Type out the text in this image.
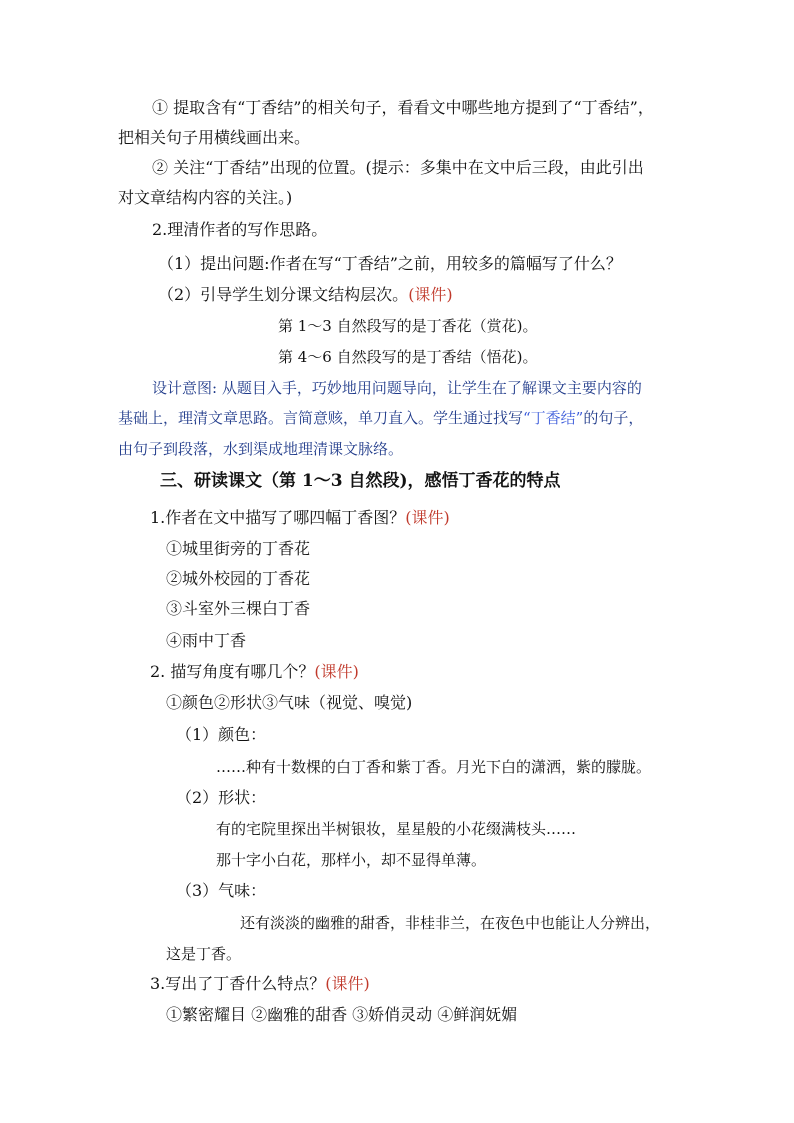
① 提取含有“丁香结”的相关句子，看看文中哪些地方提到了“丁香结”，
把相关句子用横线画出来。
② 关注“丁香结”出现的位置。(提示：多集中在文中后三段，由此引出
对文章结构内容的关注。)
2.理清作者的写作思路。
（1）提出问题:作者在写“丁香结”之前，用较多的篇幅写了什么？
（2）引导学生划分课文结构层次。(课件)
第 1～3 自然段写的是丁香花（赏花)。
第 4～6 自然段写的是丁香结（悟花)。
设计意图: 从题目入手，巧妙地用问题导向，让学生在了解课文主要内容的
基础上，理清文章思路。言简意赅，单刀直入。学生通过找写“丁香结”的句子，
由句子到段落，水到渠成地理清课文脉络。
三、研读课文（第 1～3 自然段)，感悟丁香花的特点
1.作者在文中描写了哪四幅丁香图？(课件)
①城里街旁的丁香花
②城外校园的丁香花
③斗室外三棵白丁香
④雨中丁香
2. 描写角度有哪几个？(课件)
①颜色②形状③气味（视觉、嗅觉)
（1）颜色：
……种有十数棵的白丁香和紫丁香。月光下白的潇洒，紫的朦胧。
（2）形状：
有的宅院里探出半树银妆，星星般的小花缀满枝头……
那十字小白花，那样小，却不显得单薄。
（3）气味：
还有淡淡的幽雅的甜香，非桂非兰，在夜色中也能让人分辨出，
这是丁香。
3.写出了丁香什么特点？(课件)
①繁密耀目 ②幽雅的甜香 ③娇俏灵动 ④鲜润妩媚
